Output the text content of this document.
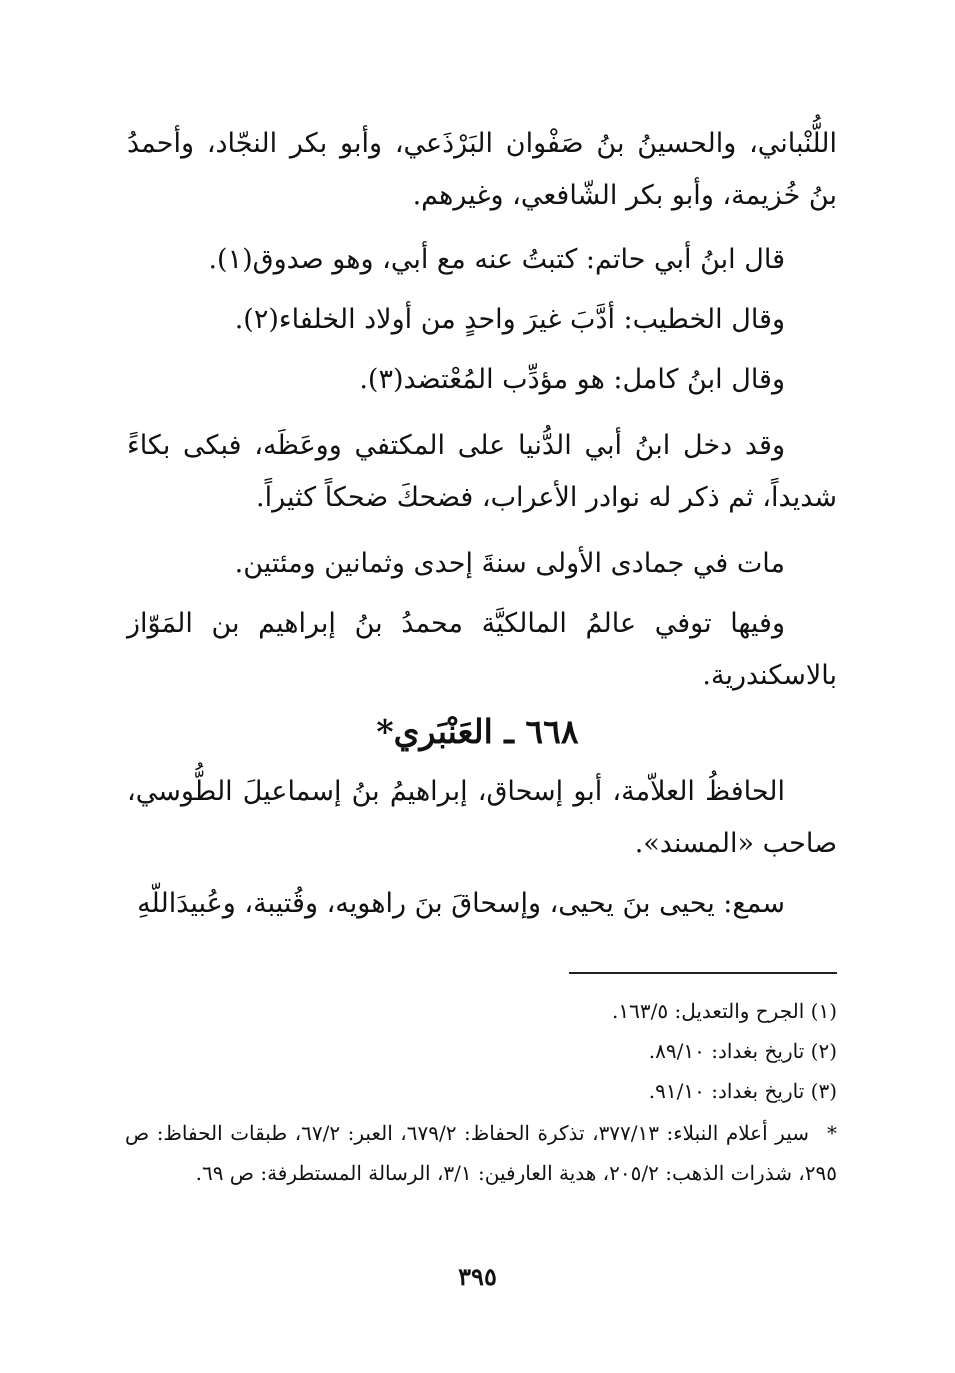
اللُّنْباني، والحسينُ بنُ صَفْوان البَرْذَعي، وأبو بكر النجّاد، وأحمدُ بنُ خُزيمة، وأبو بكر الشّافعي، وغيرهم.
قال ابنُ أبي حاتم: كتبتُ عنه مع أبي، وهو صدوق(١).
وقال الخطيب: أدَّبَ غيرَ واحدٍ من أولاد الخلفاء(٢).
وقال ابنُ كامل: هو مؤدِّب المُعْتضد(٣).
وقد دخل ابنُ أبي الدُّنيا على المكتفي ووعَظَه، فبكى بكاءً شديداً، ثم ذكر له نوادر الأعراب، فضحكَ ضحكاً كثيراً.
مات في جمادى الأولى سنةَ إحدى وثمانين ومئتين.
وفيها توفي عالمُ المالكيَّة محمدُ بنُ إبراهيم بن المَوّاز بالاسكندرية.
٦٦٨ ـ العَنْبَري*
الحافظُ العلاّمة، أبو إسحاق، إبراهيمُ بنُ إسماعيلَ الطُّوسي، صاحب «المسند».
سمع: يحيى بنَ يحيى، وإسحاقَ بنَ راهويه، وقُتيبة، وعُبيدَاللّهِ
(١) الجرح والتعديل: ١٦٣/٥.
(٢) تاريخ بغداد: ٨٩/١٠.
(٣) تاريخ بغداد: ٩١/١٠.
*سير أعلام النبلاء: ٣٧٧/١٣، تذكرة الحفاظ: ٦٧٩/٢، العبر: ٦٧/٢، طبقات الحفاظ: ص ٢٩٥، شذرات الذهب: ٢٠٥/٢، هدية العارفين: ٣/١، الرسالة المستطرفة: ص ٦٩.
٣٩٥
